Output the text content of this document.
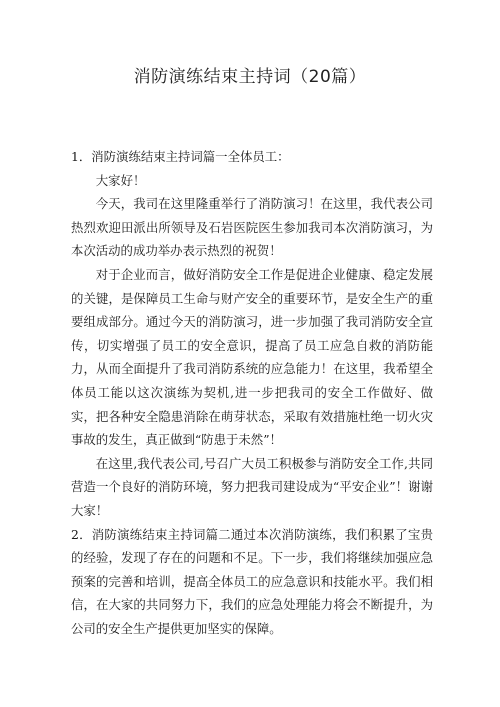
消防演练结束主持词（20篇）

1．消防演练结束主持词篇一全体员工：

大家好！

今天，我司在这里隆重举行了消防演习！在这里，我代表公司热烈欢迎田派出所领导及石岩医院医生参加我司本次消防演习，为本次活动的成功举办表示热烈的祝贺！

对于企业而言，做好消防安全工作是促进企业健康、稳定发展的关键，是保障员工生命与财产安全的重要环节，是安全生产的重要组成部分。通过今天的消防演习，进一步加强了我司消防安全宣传，切实增强了员工的安全意识，提高了员工应急自救的消防能力，从而全面提升了我司消防系统的应急能力！在这里，我希望全体员工能以这次演练为契机,进一步把我司的安全工作做好、做实，把各种安全隐患消除在萌芽状态，采取有效措施杜绝一切火灾事故的发生，真正做到“防患于未然”！

在这里,我代表公司,号召广大员工积极参与消防安全工作,共同营造一个良好的消防环境，努力把我司建设成为“平安企业”！谢谢大家！

2．消防演练结束主持词篇二通过本次消防演练，我们积累了宝贵的经验，发现了存在的问题和不足。下一步，我们将继续加强应急预案的完善和培训，提高全体员工的应急意识和技能水平。我们相信，在大家的共同努力下，我们的应急处理能力将会不断提升，为公司的安全生产提供更加坚实的保障。
